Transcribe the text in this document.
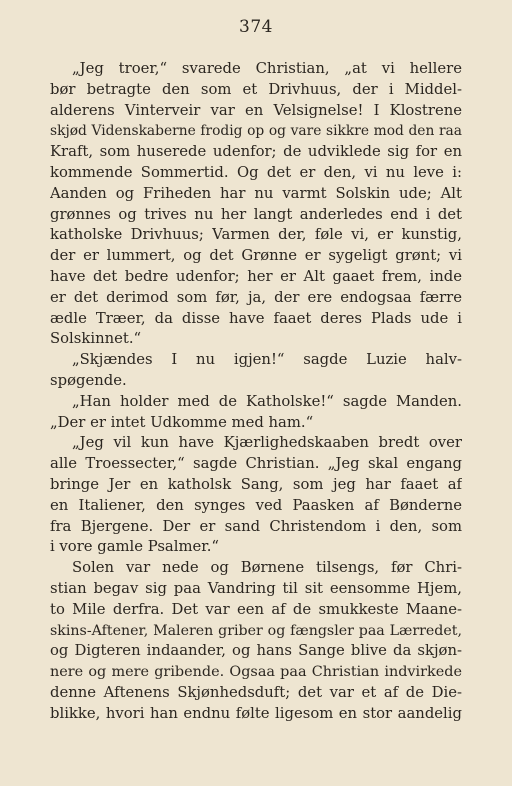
374
„Jeg troer,“ svarede Christian, „at vi hellere
bør betragte den som et Drivhuus, der i Middel-
alderens Vinterveir var en Velsignelse! I Klostrene
skjød Videnskaberne frodig op og vare sikkre mod den raa
Kraft, som huserede udenfor; de udviklede sig for en
kommende Sommertid. Og det er den, vi nu leve i:
Aanden og Friheden har nu varmt Solskin ude; Alt
grønnes og trives nu her langt anderledes end i det
katholske Drivhuus; Varmen der, føle vi, er kunstig,
der er lummert, og det Grønne er sygeligt grønt; vi
have det bedre udenfor; her er Alt gaaet frem, inde
er det derimod som før, ja, der ere endogsaa færre
ædle Træer, da disse have faaet deres Plads ude i
Solskinnet.“
„Skjændes I nu igjen!“ sagde Luzie halv-
spøgende.
„Han holder med de Katholske!“ sagde Manden.
„Der er intet Udkomme med ham.“
„Jeg vil kun have Kjærlighedskaaben bredt over
alle Troessecter,“ sagde Christian. „Jeg skal engang
bringe Jer en katholsk Sang, som jeg har faaet af
en Italiener, den synges ved Paasken af Bønderne
fra Bjergene. Der er sand Christendom i den, som
i vore gamle Psalmer.“
Solen var nede og Børnene tilsengs, før Chri-
stian begav sig paa Vandring til sit eensomme Hjem,
to Mile derfra. Det var een af de smukkeste Maane-
skins-Aftener, Maleren griber og fængsler paa Lærredet,
og Digteren indaander, og hans Sange blive da skjøn-
nere og mere gribende. Ogsaa paa Christian indvirkede
denne Aftenens Skjønhedsduft; det var et af de Die-
blikke, hvori han endnu følte ligesom en stor aandelig
